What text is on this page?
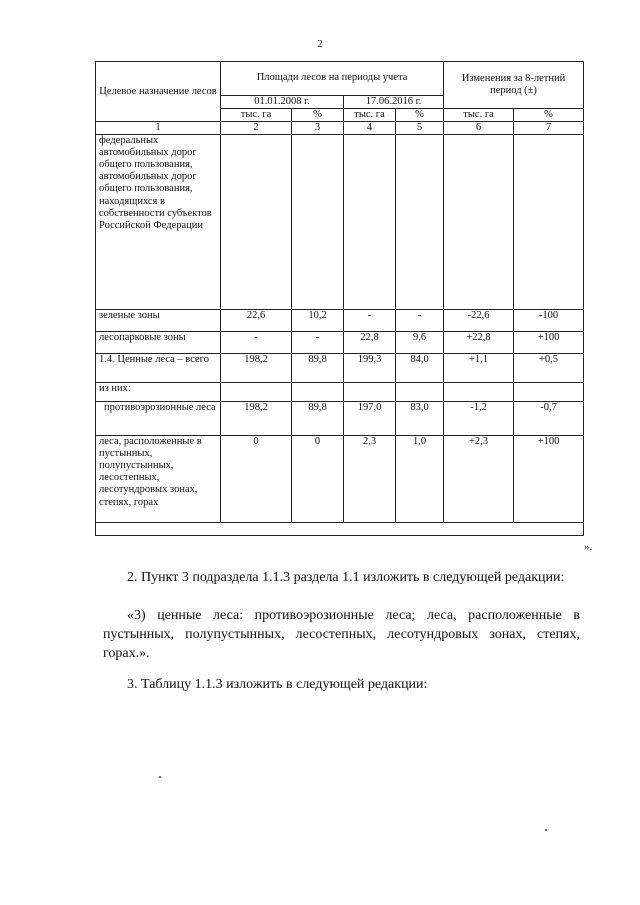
2
Целевое назначение лесов	Площади лесов на периоды учета				Изменения за 8-летний период (±)	
	01.01.2008 г.		17.06.2016 г.			
	тыс. га	%	тыс. га	%	тыс. га	%
1	2	3	4	5	6	7
федеральных автомобильных дорог общего пользования, автомобильных дорог общего пользования, находящихся в собственности субъектов Российской Федерации						
зеленые зоны	22,6	10,2	-	-	-22,6	-100
лесопарковые зоны	-	-	22,8	9,6	+22,8	+100
1.4. Ценные леса – всего	198,2	89,8	199,3	84,0	+1,1	+0,5
из них:						
противоэрозионные леса	198,2	89,8	197,0	83,0	-1,2	-0,7
леса, расположенные в пустынных, полупустынных, лесостепных, лесотундровых зонах, степях, горах	0	0	2,3	1,0	+2,3	+100

».

2. Пункт 3 подраздела 1.1.3 раздела 1.1 изложить в следующей редакции:

«3) ценные леса: противоэрозионные леса; леса, расположенные в пустынных, полупустынных, лесостепных, лесотундровых зонах, степях, горах.».

3. Таблицу 1.1.3 изложить в следующей редакции:
